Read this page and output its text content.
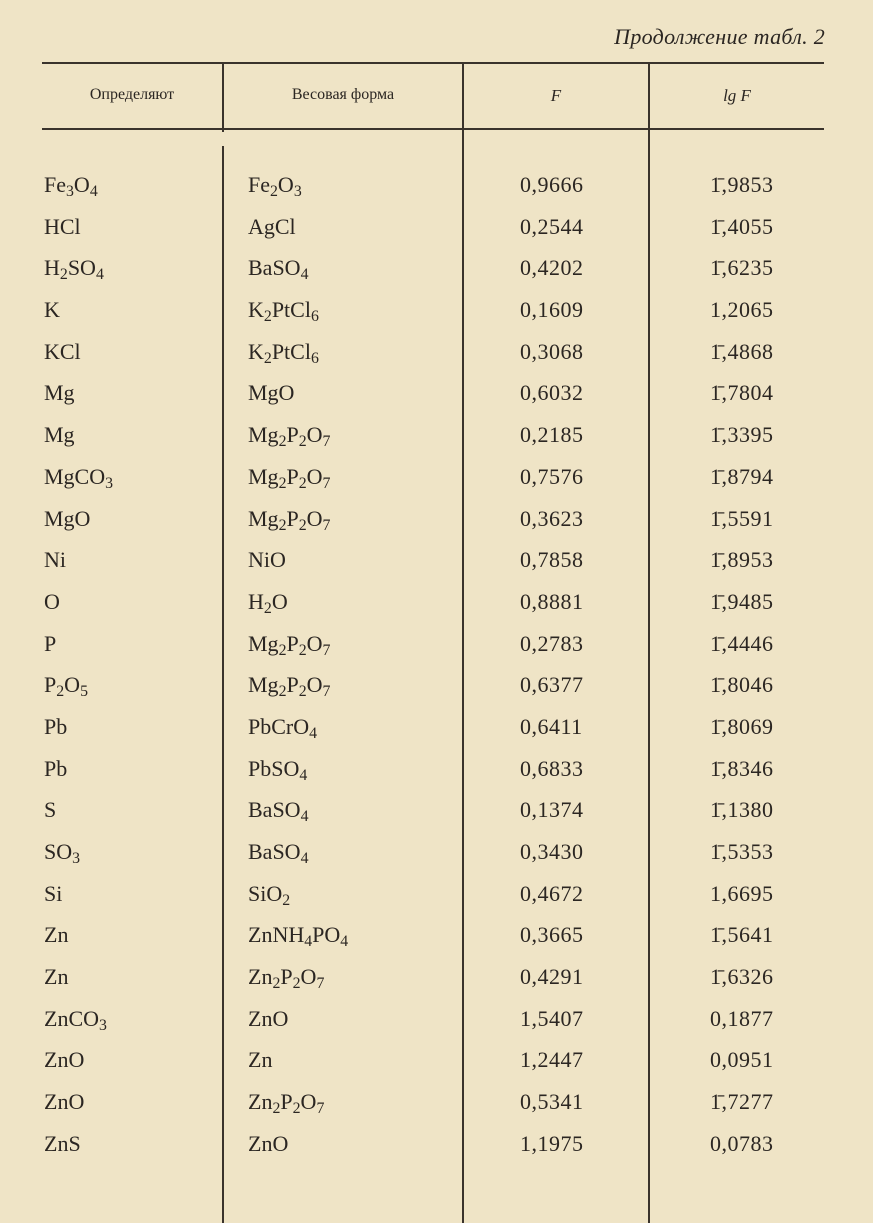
Продолжение табл. 2
Определяют	Весовая форма	F	lg F
$Fe_3O_4$	$Fe_2O_3$	0,9666	1̄,9853
HCl	AgCl	0,2544	1̄,4055
$H_2SO_4$	BaSO$_4$	0,4202	1̄,6235
K	$K_2PtCl_6$	0,1609	1,2065
KCl	$K_2PtCl_6$	0,3068	1̄,4868
Mg	MgO	0,6032	1̄,7804
Mg	$Mg_2P_2O_7$	0,2185	1̄,3395
MgCO$_3$	$Mg_2P_2O_7$	0,7576	1̄,8794
MgO	$Mg_2P_2O_7$	0,3623	1̄,5591
Ni	NiO	0,7858	1̄,8953
O	$H_2O$	0,8881	1̄,9485
P	$Mg_2P_2O_7$	0,2783	1̄,4446
$P_2O_5$	$Mg_2P_2O_7$	0,6377	1̄,8046
Pb	PbCrO$_4$	0,6411	1̄,8069
Pb	PbSO$_4$	0,6833	1̄,8346
S	BaSO$_4$	0,1374	1̄,1380
$SO_3$	BaSO$_4$	0,3430	1̄,5353
Si	SiO$_2$	0,4672	1,6695
Zn	$ZnNH_4PO_4$	0,3665	1̄,5641
Zn	$Zn_2P_2O_7$	0,4291	1̄,6326
ZnCO$_3$	ZnO	1,5407	0,1877
ZnO	Zn	1,2447	0,0951
ZnO	$Zn_2P_2O_7$	0,5341	1̄,7277
ZnS	ZnO	1,1975	0,0783
